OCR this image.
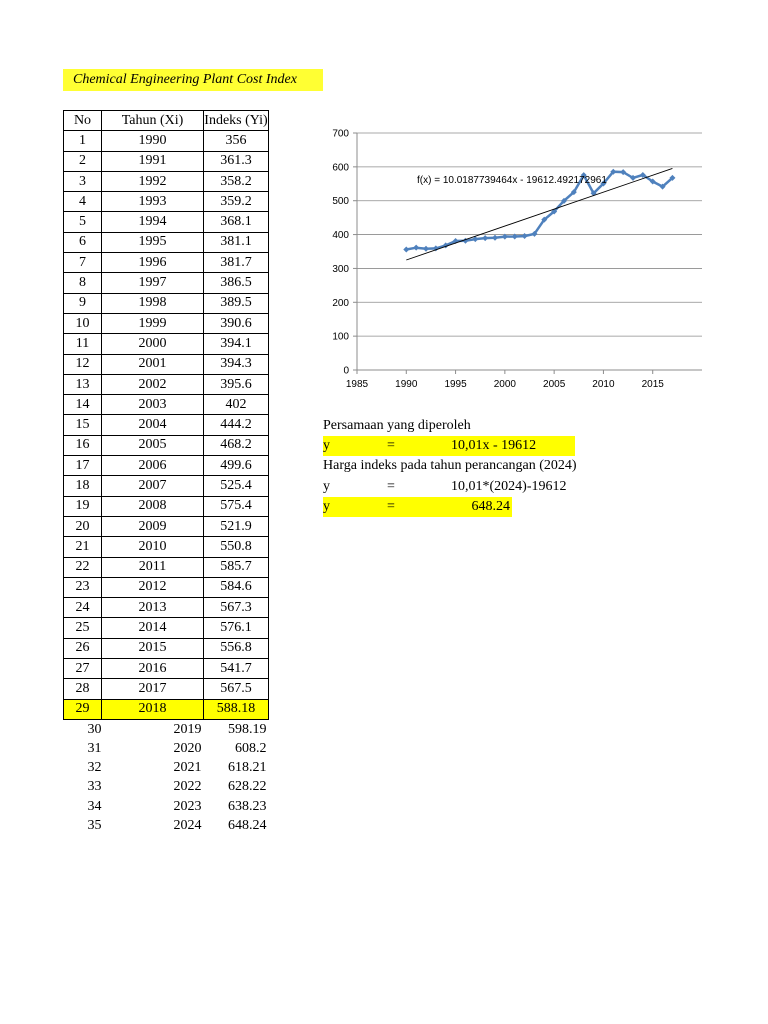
Chemical Engineering Plant Cost Index
No	Tahun (Xi)	Indeks (Yi)
1	1990	356
2	1991	361.3
3	1992	358.2
4	1993	359.2
5	1994	368.1
6	1995	381.1
7	1996	381.7
8	1997	386.5
9	1998	389.5
10	1999	390.6
11	2000	394.1
12	2001	394.3
13	2002	395.6
14	2003	402
15	2004	444.2
16	2005	468.2
17	2006	499.6
18	2007	525.4
19	2008	575.4
20	2009	521.9
21	2010	550.8
22	2011	585.7
23	2012	584.6
24	2013	567.3
25	2014	576.1
26	2015	556.8
27	2016	541.7
28	2017	567.5
29	2018	588.18
30	2019	598.19
31	2020	608.2
32	2021	618.21
33	2022	628.22
34	2023	638.23
35	2024	648.24
0
100
200
300
400
500
600
700
1985	1990	1995	2000	2005	2010	2015
f(x) = 10.0187739464x - 19612.492172961
Persamaan yang diperoleh
y	=	10,01x - 19612
Harga indeks pada tahun perancangan (2024)
y	=	10,01*(2024)-19612
y	=	648.24
